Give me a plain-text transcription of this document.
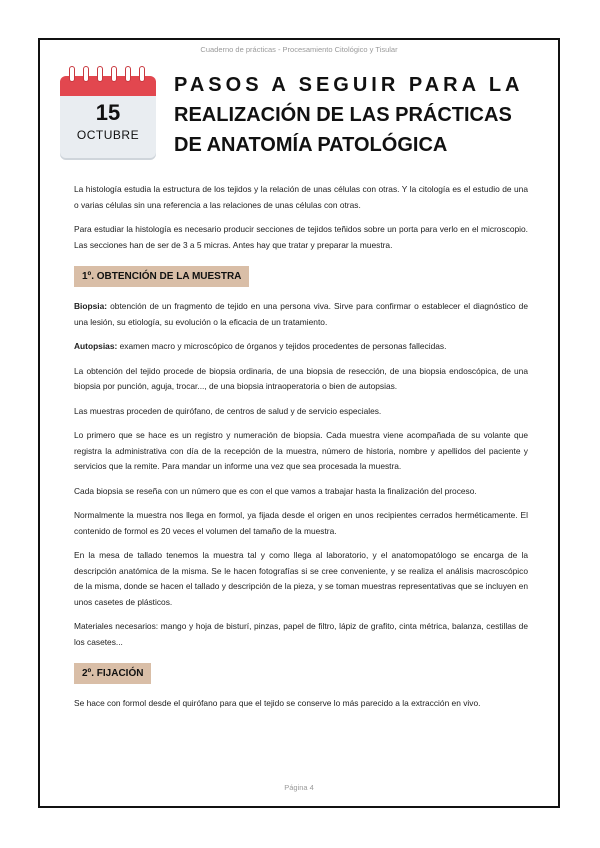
Cuaderno de prácticas - Procesamiento Citológico y Tisular
15
OCTUBRE
PASOS A SEGUIR PARA LA
REALIZACIÓN DE LAS PRÁCTICAS
DE ANATOMÍA PATOLÓGICA

La histología estudia la estructura de los tejidos y la relación de unas células con otras. Y la citología es el estudio de una o varias células sin una referencia a las relaciones de unas células con otras.

Para estudiar la histología es necesario producir secciones de tejidos teñidos sobre un porta para verlo en el microscopio. Las secciones han de ser de 3 a 5 micras. Antes hay que tratar y preparar la muestra.

1º. OBTENCIÓN DE LA MUESTRA

Biopsia: obtención de un fragmento de tejido en una persona viva. Sirve para confirmar o establecer el diagnóstico de una lesión, su etiología, su evolución o la eficacia de un tratamiento.

Autopsias: examen macro y microscópico de órganos y tejidos procedentes de personas fallecidas.

La obtención del tejido procede de biopsia ordinaria, de una biopsia de resección, de una biopsia endoscópica, de una biopsia por punción, aguja, trocar..., de una biopsia intraoperatoria o bien de autopsias.

Las muestras proceden de quirófano, de centros de salud y de servicio especiales.

Lo primero que se hace es un registro y numeración de biopsia. Cada muestra viene acompañada de su volante que registra la administrativa con día de la recepción de la muestra, número de historia, nombre y apellidos del paciente y servicios que la remite. Para mandar un informe una vez que sea procesada la muestra.

Cada biopsia se reseña con un número que es con el que vamos a trabajar hasta la finalización del proceso.

Normalmente la muestra nos llega en formol, ya fijada desde el origen en unos recipientes cerrados herméticamente. El contenido de formol es 20 veces el volumen del tamaño de la muestra.

En la mesa de tallado tenemos la muestra tal y como llega al laboratorio, y el anatomopatólogo se encarga de la descripción anatómica de la misma. Se le hacen fotografías si se cree conveniente, y se realiza el análisis macroscópico de la misma, donde se hacen el tallado y descripción de la pieza, y se toman muestras representativas que se incluyen en unos casetes de plásticos.

Materiales necesarios: mango y hoja de bisturí, pinzas, papel de filtro, lápiz de grafito, cinta métrica, balanza, cestillas de los casetes...

2º. FIJACIÓN

Se hace con formol desde el quirófano para que el tejido se conserve lo más parecido a la extracción en vivo.

Página 4
